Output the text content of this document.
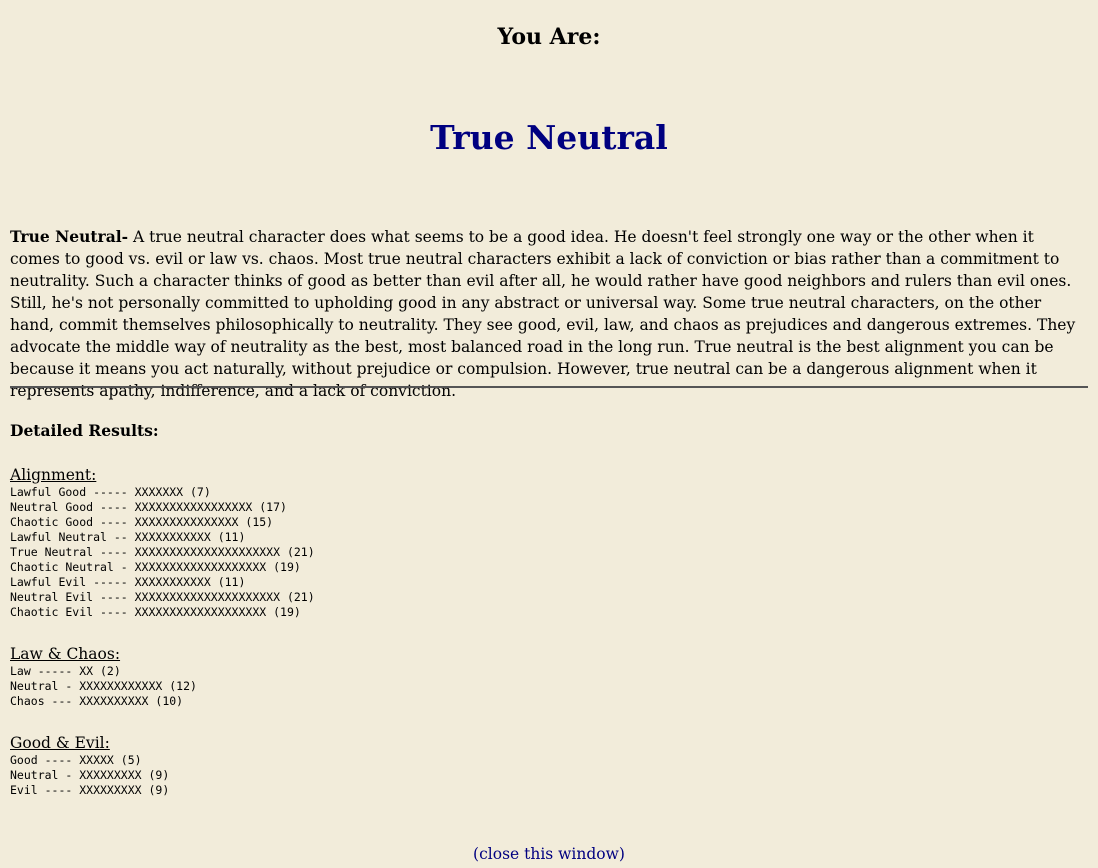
You Are:
True Neutral

True Neutral- A true neutral character does what seems to be a good idea. He doesn't feel strongly one way or the other when it comes to good vs. evil or law vs. chaos. Most true neutral characters exhibit a lack of conviction or bias rather than a commitment to neutrality. Such a character thinks of good as better than evil after all, he would rather have good neighbors and rulers than evil ones. Still, he's not personally committed to upholding good in any abstract or universal way. Some true neutral characters, on the other hand, commit themselves philosophically to neutrality. They see good, evil, law, and chaos as prejudices and dangerous extremes. They advocate the middle way of neutrality as the best, most balanced road in the long run. True neutral is the best alignment you can be because it means you act naturally, without prejudice or compulsion. However, true neutral can be a dangerous alignment when it represents apathy, indifference, and a lack of conviction.

Detailed Results:
Alignment:
Lawful Good ----- XXXXXXX (7)
Neutral Good ---- XXXXXXXXXXXXXXXXX (17)
Chaotic Good ---- XXXXXXXXXXXXXXX (15)
Lawful Neutral -- XXXXXXXXXXX (11)
True Neutral ---- XXXXXXXXXXXXXXXXXXXXX (21)
Chaotic Neutral - XXXXXXXXXXXXXXXXXXX (19)
Lawful Evil ----- XXXXXXXXXXX (11)
Neutral Evil ---- XXXXXXXXXXXXXXXXXXXXX (21)
Chaotic Evil ---- XXXXXXXXXXXXXXXXXXX (19)
Law & Chaos:
Law ----- XX (2)
Neutral - XXXXXXXXXXXX (12)
Chaos --- XXXXXXXXXX (10)
Good & Evil:
Good ---- XXXXX (5)
Neutral - XXXXXXXXX (9)
Evil ---- XXXXXXXXX (9)
(close this window)
